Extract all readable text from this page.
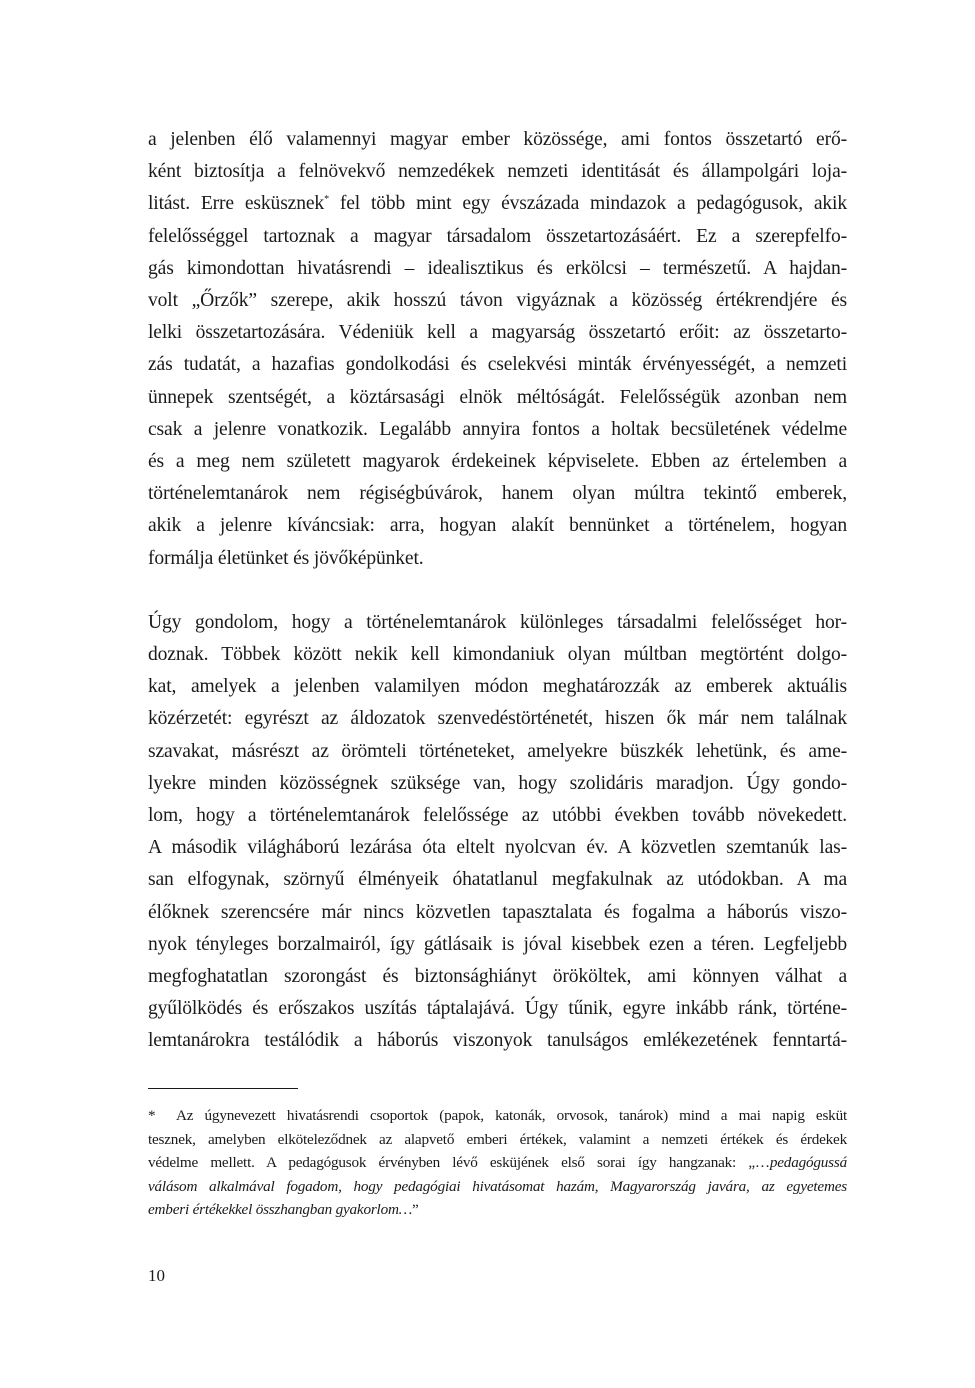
a jelenben élő valamennyi magyar ember közössége, ami fontos összetartó erő-
ként biztosítja a felnövekvő nemzedékek nemzeti identitását és állampolgári loja-
litást. Erre esküsznek* fel több mint egy évszázada mindazok a pedagógusok, akik
felelősséggel tartoznak a magyar társadalom összetartozásáért. Ez a szerepfelfo-
gás kimondottan hivatásrendi – idealisztikus és erkölcsi – természetű. A hajdan-
volt „Őrzők” szerepe, akik hosszú távon vigyáznak a közösség értékrendjére és
lelki összetartozására. Védeniük kell a magyarság összetartó erőit: az összetarto-
zás tudatát, a hazafias gondolkodási és cselekvési minták érvényességét, a nemzeti
ünnepek szentségét, a köztársasági elnök méltóságát. Felelősségük azonban nem
csak a jelenre vonatkozik. Legalább annyira fontos a holtak becsületének védelme
és a meg nem született magyarok érdekeinek képviselete. Ebben az értelemben a
történelemtanárok nem régiségbúvárok, hanem olyan múltra tekintő emberek,
akik a jelenre kíváncsiak: arra, hogyan alakít bennünket a történelem, hogyan
formálja életünket és jövőképünket.

Úgy gondolom, hogy a történelemtanárok különleges társadalmi felelősséget hor-
doznak. Többek között nekik kell kimondaniuk olyan múltban megtörtént dolgo-
kat, amelyek a jelenben valamilyen módon meghatározzák az emberek aktuális
közérzetét: egyrészt az áldozatok szenvedéstörténetét, hiszen ők már nem találnak
szavakat, másrészt az örömteli történeteket, amelyekre büszkék lehetünk, és ame-
lyekre minden közösségnek szüksége van, hogy szolidáris maradjon. Úgy gondo-
lom, hogy a történelemtanárok felelőssége az utóbbi években tovább növekedett.
A második világháború lezárása óta eltelt nyolcvan év. A közvetlen szemtanúk las-
san elfogynak, szörnyű élményeik óhatatlanul megfakulnak az utódokban. A ma
élőknek szerencsére már nincs közvetlen tapasztalata és fogalma a háborús viszo-
nyok tényleges borzalmairól, így gátlásaik is jóval kisebbek ezen a téren. Legfeljebb
megfoghatatlan szorongást és biztonsághiányt örököltek, ami könnyen válhat a
gyűlölködés és erőszakos uszítás táptalajává. Úgy tűnik, egyre inkább ránk, történe-
lemtanárokra testálódik a háborús viszonyok tanulságos emlékezetének fenntartá-

* Az úgynevezett hivatásrendi csoportok (papok, katonák, orvosok, tanárok) mind a mai napig esküt
tesznek, amelyben elköteleződnek az alapvető emberi értékek, valamint a nemzeti értékek és érdekek
védelme mellett. A pedagógusok érvényben lévő esküjének első sorai így hangzanak: „…pedagógussá
válásom alkalmával fogadom, hogy pedagógiai hivatásomat hazám, Magyarország javára, az egyetemes
emberi értékekkel összhangban gyakorlom…”
10
